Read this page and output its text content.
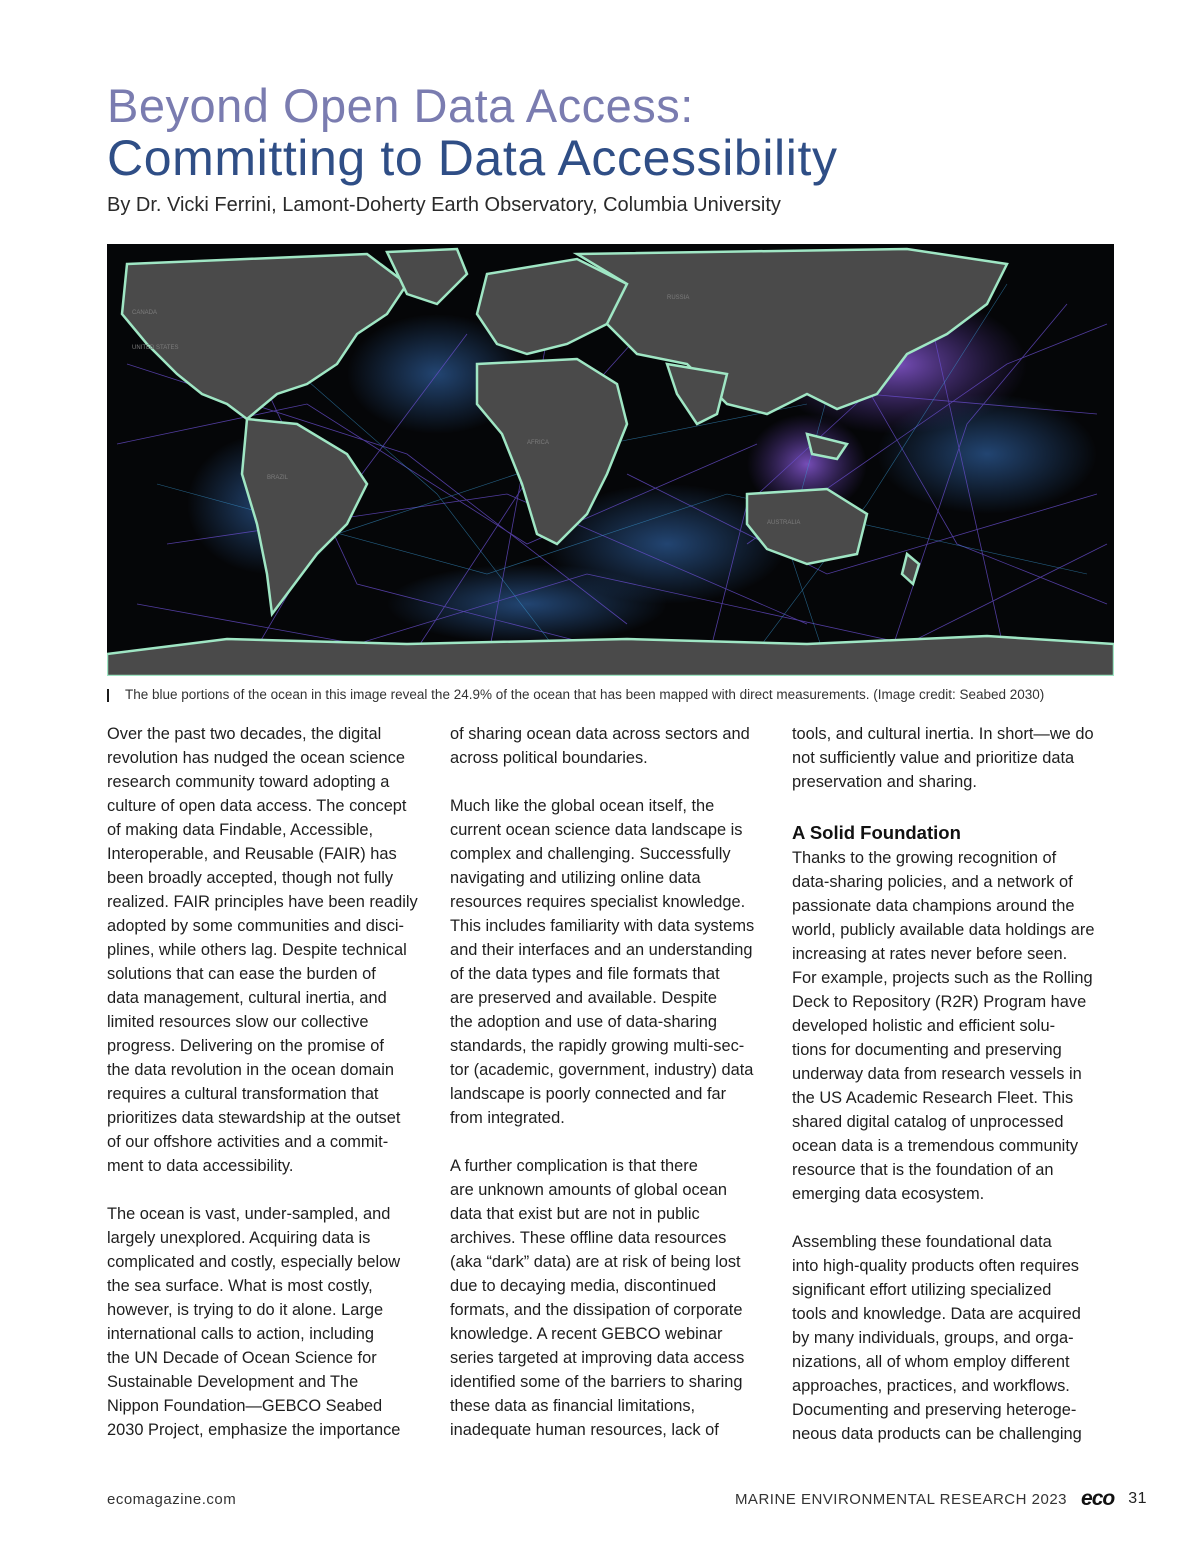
Beyond Open Data Access:
Committing to Data Accessibility

By Dr. Vicki Ferrini, Lamont-Doherty Earth Observatory, Columbia University

CANADA
UNITED STATES
BRAZIL
AFRICA
AUSTRALIA
RUSSIA
The blue portions of the ocean in this image reveal the 24.9% of the ocean that has been mapped with direct measurements. (Image credit: Seabed 2030)

Over the past two decades, the digital
revolution has nudged the ocean science
research community toward adopting a
culture of open data access. The concept
of making data Findable, Accessible,
Interoperable, and Reusable (FAIR) has
been broadly accepted, though not fully
realized. FAIR principles have been readily
adopted by some communities and disci-
plines, while others lag. Despite technical
solutions that can ease the burden of
data management, cultural inertia, and
limited resources slow our collective
progress. Delivering on the promise of
the data revolution in the ocean domain
requires a cultural transformation that
prioritizes data stewardship at the outset
of our offshore activities and a commit-
ment to data accessibility.

The ocean is vast, under-sampled, and
largely unexplored. Acquiring data is
complicated and costly, especially below
the sea surface. What is most costly,
however, is trying to do it alone. Large
international calls to action, including
the UN Decade of Ocean Science for
Sustainable Development and The
Nippon Foundation—GEBCO Seabed
2030 Project, emphasize the importance

of sharing ocean data across sectors and
across political boundaries.

Much like the global ocean itself, the
current ocean science data landscape is
complex and challenging. Successfully
navigating and utilizing online data
resources requires specialist knowledge.
This includes familiarity with data systems
and their interfaces and an understanding
of the data types and file formats that
are preserved and available. Despite
the adoption and use of data-sharing
standards, the rapidly growing multi-sec-
tor (academic, government, industry) data
landscape is poorly connected and far
from integrated.

A further complication is that there
are unknown amounts of global ocean
data that exist but are not in public
archives. These offline data resources
(aka “dark” data) are at risk of being lost
due to decaying media, discontinued
formats, and the dissipation of corporate
knowledge. A recent GEBCO webinar
series targeted at improving data access
identified some of the barriers to sharing
these data as financial limitations,
inadequate human resources, lack of

tools, and cultural inertia. In short—we do
not sufficiently value and prioritize data
preservation and sharing.

A Solid Foundation

Thanks to the growing recognition of
data-sharing policies, and a network of
passionate data champions around the
world, publicly available data holdings are
increasing at rates never before seen.
For example, projects such as the Rolling
Deck to Repository (R2R) Program have
developed holistic and efficient solu-
tions for documenting and preserving
underway data from research vessels in
the US Academic Research Fleet. This
shared digital catalog of unprocessed
ocean data is a tremendous community
resource that is the foundation of an
emerging data ecosystem.

Assembling these foundational data
into high-quality products often requires
significant effort utilizing specialized
tools and knowledge. Data are acquired
by many individuals, groups, and orga-
nizations, all of whom employ different
approaches, practices, and workflows.
Documenting and preserving heteroge-
neous data products can be challenging

ecomagazine.com	MARINE ENVIRONMENTAL RESEARCH 2023 eco 31
